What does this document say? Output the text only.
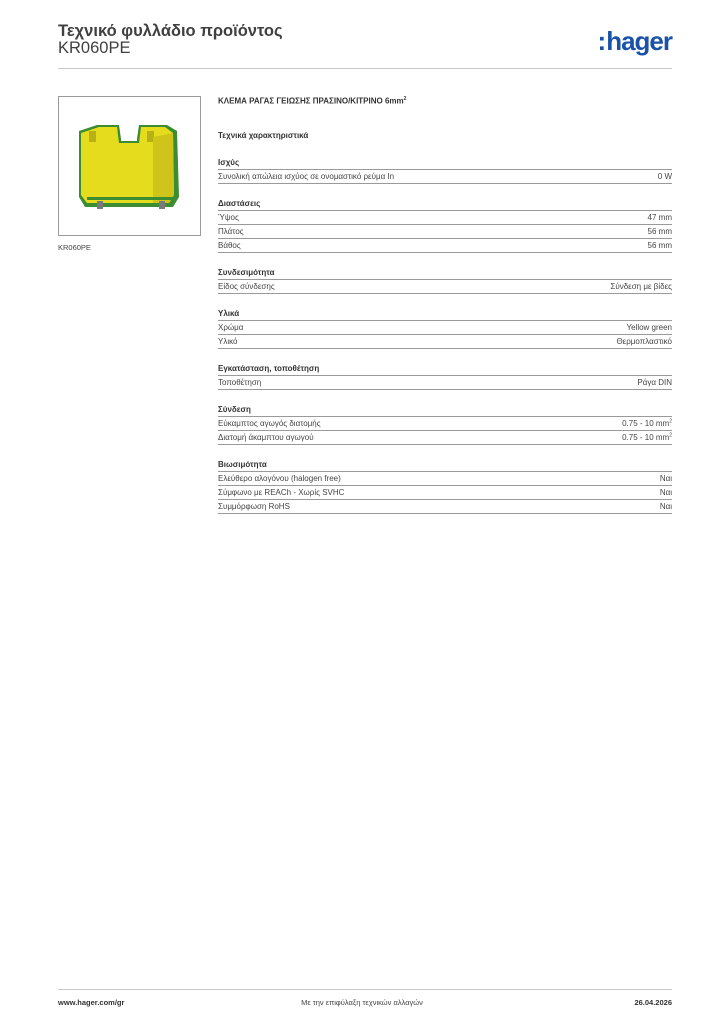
Τεχνικό φυλλάδιο προϊόντος
KR060PE	:hager
KR060PE
ΚΛΕΜΑ ΡΑΓΑΣ ΓΕΙΩΣΗΣ ΠΡΑΣΙΝΟ/ΚΙΤΡΙΝΟ $6mm^2$
Τεχνικά χαρακτηριστικά
Ισχύς
Συνολική απώλεια ισχύος σε ονομαστικό ρεύμα In	0 W
Διαστάσεις
Ύψος	47 mm
Πλάτος	56 mm
Βάθος	56 mm
Συνδεσιμότητα
Είδος σύνδεσης	Σύνδεση με βίδες
Υλικά
Χρώμα	Yellow green
Υλικό	Θερμοπλαστικό
Εγκατάσταση, τοποθέτηση
Τοποθέτηση	Ράγα DIN
Σύνδεση
Εύκαμπτος αγωγός διατομής	0.75 - 10 $mm^2$
Διατομή άκαμπτου αγωγού	0.75 - 10 $mm^2$
Βιωσιμότητα
Ελεύθερο αλογόνου (halogen free)	Ναι
Σύμφωνο με REACh - Χωρίς SVHC	Ναι
Συμμόρφωση RoHS	Ναι
www.hager.com/gr	Με την επιφύλαξη τεχνικών αλλαγών	26.04.2026
